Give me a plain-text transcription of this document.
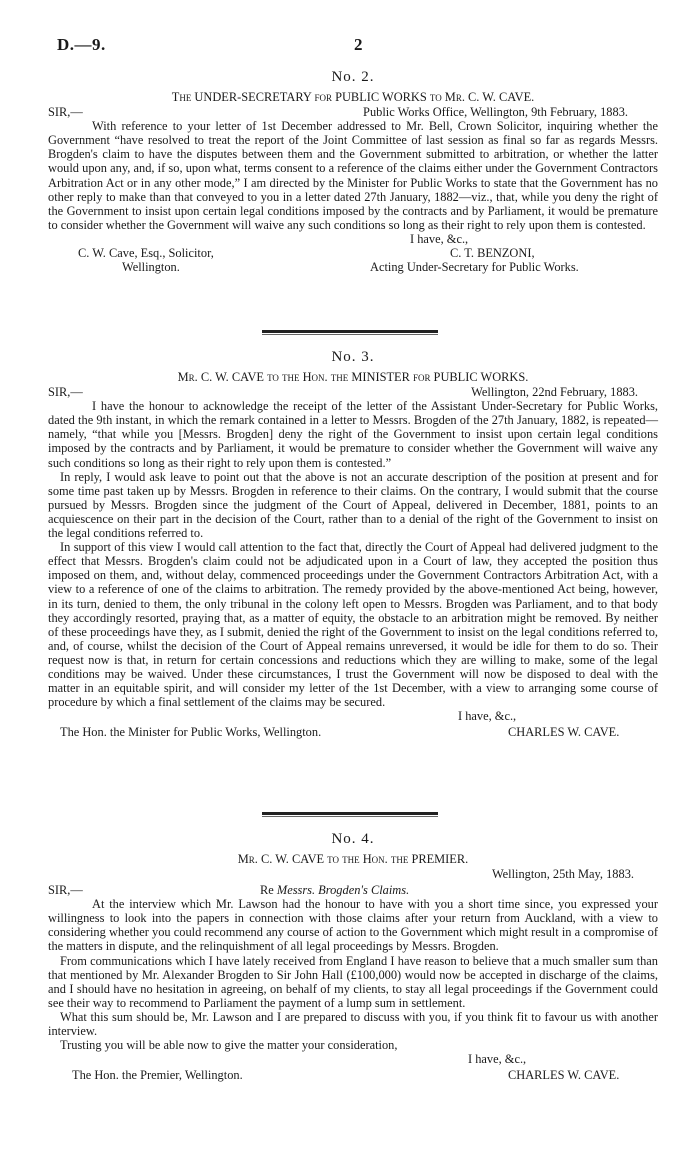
D.—9.	2
No. 2.
The UNDER-SECRETARY for PUBLIC WORKS to Mr. C. W. CAVE.
SIR,—	Public Works Office, Wellington, 9th February, 1883.

With reference to your letter of 1st December addressed to Mr. Bell, Crown Solicitor, inquiring whether the Government “have resolved to treat the report of the Joint Committee of last session as final so far as regards Messrs. Brogden's claim to have the disputes between them and the Government submitted to arbitration, or whether the latter would upon any, and, if so, upon what, terms consent to a reference of the claims either under the Government Contractors Arbitration Act or in any other mode,” I am directed by the Minister for Public Works to state that the Government has no other reply to make than that conveyed to you in a letter dated 27th January, 1882—viz., that, while you deny the right of the Government to insist upon certain legal conditions imposed by the contracts and by Parliament, it would be premature to consider whether the Government will waive any such conditions so long as their right to rely upon them is contested.

I have, &c.,
C. W. Cave, Esq., Solicitor,	C. T. BENZONI,
Wellington.	Acting Under-Secretary for Public Works.
No. 3.
Mr. C. W. CAVE to the Hon. the MINISTER for PUBLIC WORKS.
SIR,—	Wellington, 22nd February, 1883.

I have the honour to acknowledge the receipt of the letter of the Assistant Under-Secretary for Public Works, dated the 9th instant, in which the remark contained in a letter to Messrs. Brogden of the 27th January, 1882, is repeated—namely, “that while you [Messrs. Brogden] deny the right of the Government to insist upon certain legal conditions imposed by the contracts and by Parliament, it would be premature to consider whether the Government will waive any such conditions so long as their right to rely upon them is contested.”

In reply, I would ask leave to point out that the above is not an accurate description of the position at present and for some time past taken up by Messrs. Brogden in reference to their claims. On the contrary, I would submit that the course pursued by Messrs. Brogden since the judgment of the Court of Appeal, delivered in December, 1881, points to an acquiescence on their part in the decision of the Court, rather than to a denial of the right of the Government to insist on the legal conditions referred to.

In support of this view I would call attention to the fact that, directly the Court of Appeal had delivered judgment to the effect that Messrs. Brogden's claim could not be adjudicated upon in a Court of law, they accepted the position thus imposed on them, and, without delay, commenced proceedings under the Government Contractors Arbitration Act, with a view to a reference of one of the claims to arbitration. The remedy provided by the above-mentioned Act being, however, in its turn, denied to them, the only tribunal in the colony left open to Messrs. Brogden was Parliament, and to that body they accordingly resorted, praying that, as a matter of equity, the obstacle to an arbitration might be removed. By neither of these proceedings have they, as I submit, denied the right of the Government to insist on the legal conditions referred to, and, of course, whilst the decision of the Court of Appeal remains unreversed, it would be idle for them to do so. Their request now is that, in return for certain concessions and reductions which they are willing to make, some of the legal conditions may be waived. Under these circumstances, I trust the Government will now be disposed to deal with the matter in an equitable spirit, and will consider my letter of the 1st December, with a view to arranging some course of procedure by which a final settlement of the claims may be secured.

I have, &c.,
The Hon. the Minister for Public Works, Wellington.	CHARLES W. CAVE.
No. 4.
Mr. C. W. CAVE to the Hon. the PREMIER.
Wellington, 25th May, 1883.
SIR,—	Re Messrs. Brogden's Claims.

At the interview which Mr. Lawson had the honour to have with you a short time since, you expressed your willingness to look into the papers in connection with those claims after your return from Auckland, with a view to considering whether you could recommend any course of action to the Government which might result in a compromise of the matters in dispute, and the relinquishment of all legal proceedings by Messrs. Brogden.

From communications which I have lately received from England I have reason to believe that a much smaller sum than that mentioned by Mr. Alexander Brogden to Sir John Hall (£100,000) would now be accepted in discharge of the claims, and I should have no hesitation in agreeing, on behalf of my clients, to stay all legal proceedings if the Government could see their way to recommend to Parliament the payment of a lump sum in settlement.

What this sum should be, Mr. Lawson and I are prepared to discuss with you, if you think fit to favour us with another interview.

Trusting you will be able now to give the matter your consideration,

I have, &c.,
The Hon. the Premier, Wellington.	CHARLES W. CAVE.
